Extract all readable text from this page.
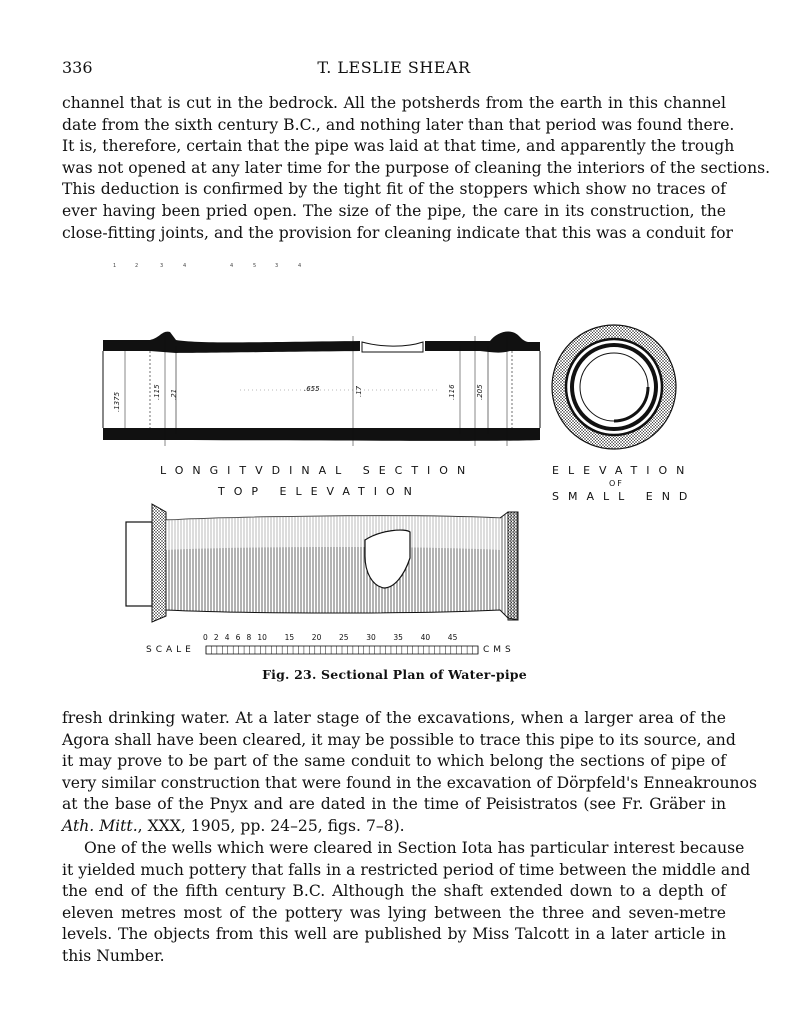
336	T. LESLIE SHEAR
channel that is cut in the bedrock. All the potsherds from the earth in this channel
date from the sixth century B.C., and nothing later than that period was found there.
It is, therefore, certain that the pipe was laid at that time, and apparently the trough
was not opened at any later time for the purpose of cleaning the interiors of the sections.
This deduction is confirmed by the tight fit of the stoppers which show no traces of
ever having been pried open. The size of the pipe, the care in its construction, the
close-fitting joints, and the provision for cleaning indicate that this was a conduit for
1	2	3	4	4	5	3	4
.1375	.115 .21	.655	.17	.116	.205
LONGITVDINAL SECTION
TOP ELEVATION
ELEVATION
OF
SMALL END
SCALE	CMS
0 2 4 6 8 10 15 20 25 30 35 40 45
Fig. 23. Sectional Plan of Water-pipe
fresh drinking water. At a later stage of the excavations, when a larger area of the
Agora shall have been cleared, it may be possible to trace this pipe to its source, and
it may prove to be part of the same conduit to which belong the sections of pipe of
very similar construction that were found in the excavation of Dörpfeld's Enneakrounos
at the base of the Pnyx and are dated in the time of Peisistratos (see Fr. Gräber in
Ath. Mitt., XXX, 1905, pp. 24–25, figs. 7–8).
One of the wells which were cleared in Section Iota has particular interest because
it yielded much pottery that falls in a restricted period of time between the middle and
the end of the fifth century B.C. Although the shaft extended down to a depth of
eleven metres most of the pottery was lying between the three and seven-metre
levels. The objects from this well are published by Miss Talcott in a later article in
this Number.
